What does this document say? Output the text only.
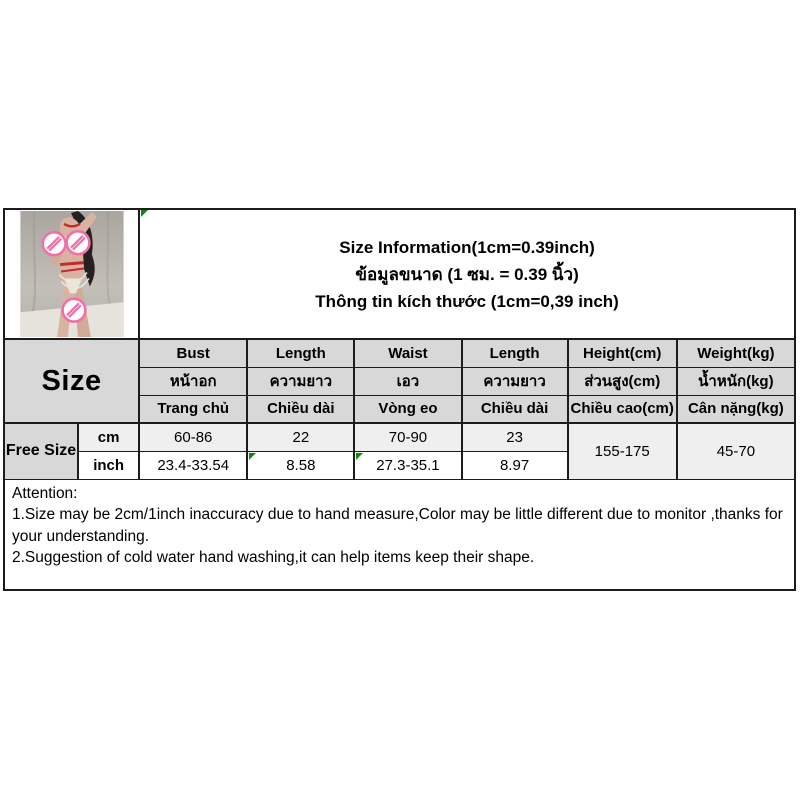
Size Information(1cm=0.39inch)
ข้อมูลขนาด (1 ซม. = 0.39 นิ้ว)
Thông tin kích thước (1cm=0,39 inch)					

Size		Bust	Length	Waist	Length	Height(cm)	Weight(kg)
		หน้าอก	ความยาว	เอว	ความยาว	ส่วนสูง(cm)	น้ำหนัก(kg)
		Trang chủ	Chiều dài	Vòng eo	Chiều dài	Chiều cao(cm)	Cân nặng(kg)
Free Size	cm	60-86	22	70-90	23	155-175	45-70
	inch	23.4-33.54	8.58	27.3-35.1	8.97		

Attention:

1.Size may be 2cm/1inch inaccuracy due to hand measure,Color may be little different due to monitor ,thanks for your understanding.

2.Suggestion of cold water hand washing,it can help items keep their shape.
